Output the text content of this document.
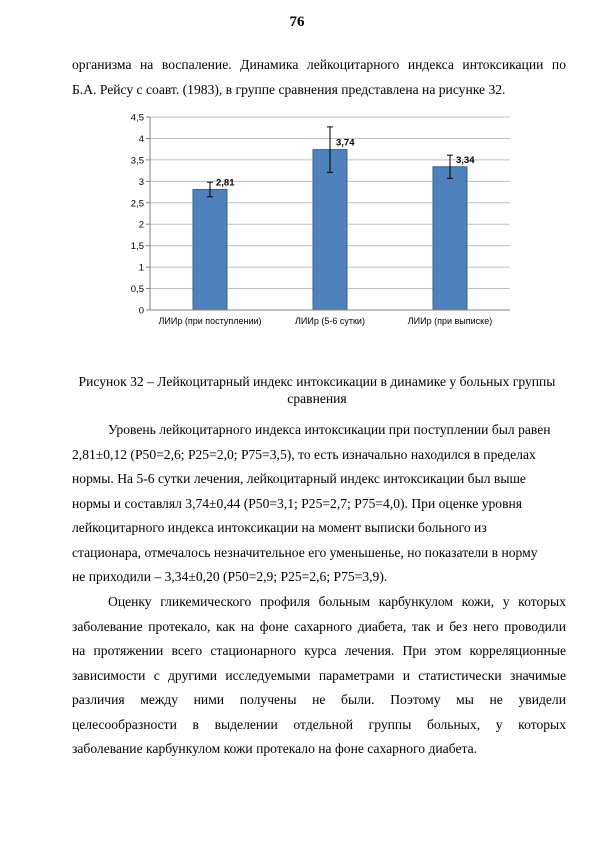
76

организма на воспаление. Динамика лейкоцитарного индекса интоксикации по
Б.А. Рейсу с соавт. (1983), в группе сравнения представлена на рисунке 32.

0
0,5
1
1,5
2
2,5
3
3,5
4
4,5
2,81
3,74
3,34
ЛИИр (при поступлении)	ЛИИр (5-6 сутки)	ЛИИр (при выписке)
Рисунок 32 – Лейкоцитарный индекс интоксикации в динамике у больных группы
сравнения

Уровень лейкоцитарного индекса интоксикации при поступлении был равен
2,81±0,12 (P50=2,6; P25=2,0; P75=3,5), то есть изначально находился в пределах
нормы. На 5-6 сутки лечения, лейкоцитарный индекс интоксикации был выше
нормы и составлял 3,74±0,44 (P50=3,1; P25=2,7; P75=4,0). При оценке уровня
лейкоцитарного индекса интоксикации на момент выписки больного из
стационара, отмечалось незначительное его уменьшенье, но показатели в норму
не приходили – 3,34±0,20 (P50=2,9; P25=2,6; P75=3,9).

Оценку гликемического профиля больным карбункулом кожи, у которых
заболевание протекало, как на фоне сахарного диабета, так и без него проводили
на протяжении всего стационарного курса лечения. При этом корреляционные
зависимости с другими исследуемыми параметрами и статистически значимые
различия между ними получены не были. Поэтому мы не увидели
целесообразности в выделении отдельной группы больных, у которых
заболевание карбункулом кожи протекало на фоне сахарного диабета.
